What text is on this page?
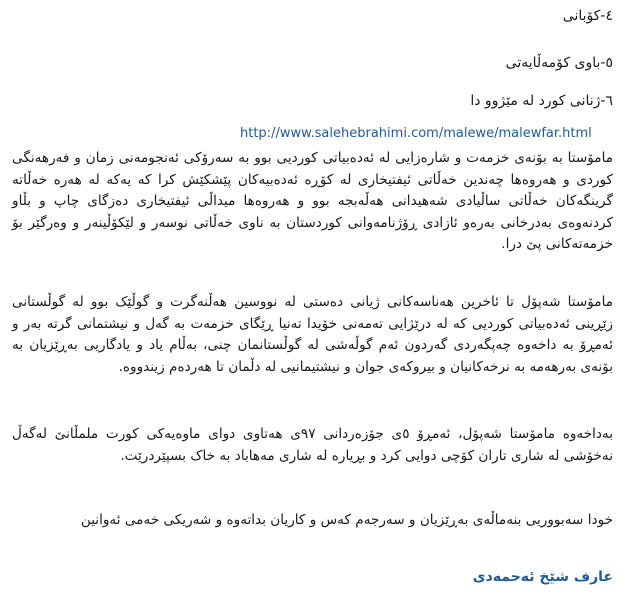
٤-کۆبانی
٥-باوی کۆمەڵایەتی
٦-ژنانی کورد لە مێژوو دا
http://www.salehebrahimi.com/malewe/malewfar.html

مامۆستا بە بۆنەی خزمەت و شارەزایی لە ئەدەبیاتی کوردیی بوو بە سەرۆکی ئەنجومەنی زمان و فەرهەنگی کوردی و هەروەها چەندین خەڵاتی ئیفتیخاری لە کۆڕە ئەدەبیەکان پێشکێش کرا کە یەکە لە هەرە خەڵاتە گرینگەکان خەڵاتی ساڵیادی شەهیدانی هەڵەبجە بوو و هەروەها میداڵی ئیفتیخاری دەزگای چاپ و بڵاو کردنەوەی بەدرخانی بەرەو ئازادی ڕۆژنامەوانی کوردستان بە ناوی خەڵاتی نوسەر و لێکۆڵینەر و وەرگێر بۆ خزمەتەکانی پێ درا.

مامۆستا شەپۆل تا ئاخرین هەناسەکانی ژیانی دەستی لە نووسین هەڵنەگرت و گوڵێک بوو لە گوڵستانی زێڕینی ئەدەبیاتی کوردیی کە لە درێژایی تەمەنی خۆیدا تەنیا ڕێگای خزمەت بە گەل و نیشتمانی گرتە بەر و ئەمڕۆ بە داخەوە چەپگەردی گەردون ئەم گوڵەشی لە گوڵستانمان چنی، بەڵام یاد و یادگاریی بەڕێزیان بە بۆنەی بەرهەمە بە نرخەکانیان و بیروکەی جوان و نیشتیمانیی لە دڵمان تا هەردەم زیندووە.

بەداخەوە مامۆستا شەپۆل، ئەمڕۆ ٥ی جۆزەردانی ٩٧ی هەتاوی دوای ماوەیەکی کورت ملمڵانێ لەگەڵ نەخۆشی لە شاری تاران کۆچی دوایی کرد و بڕیارە لە شاری مەهاباد بە خاک بسپێردرێت.

خودا سەبووریی بنەماڵەی بەڕێزیان و سەرجەم کەس و کاریان بداتەوە و شەریکی خەمی ئەوانین

عارف شێخ ئەحمەدی
